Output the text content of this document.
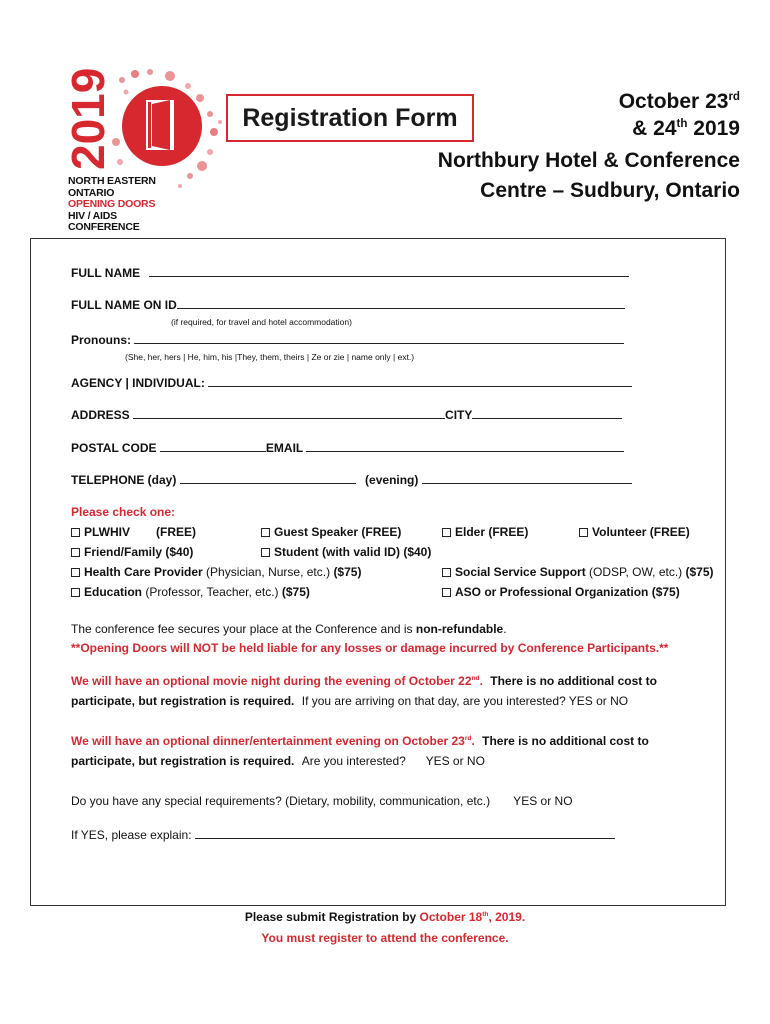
2019
NORTH EASTERN
ONTARIO
OPENING DOORS
HIV / AIDS
CONFERENCE
Registration Form
October 23rd
& 24th 2019
Northbury Hotel & Conference
Centre – Sudbury, Ontario
FULL NAME
FULL NAME ON ID
(if required, for travel and hotel accommodation)
Pronouns:
(She, her, hers | He, him, his |They, them, theirs | Ze or zie | name only | ext.)
AGENCY | INDIVIDUAL:
ADDRESS	CITY
POSTAL CODE	EMAIL
TELEPHONE (day)	(evening)
Please check one:
PLWHIV (FREE)	Guest Speaker (FREE)	Elder (FREE)	Volunteer (FREE)
Friend/Family ($40)	Student (with valid ID) ($40)
Health Care Provider (Physician, Nurse, etc.) ($75)	Social Service Support (ODSP, OW, etc.) ($75)
Education (Professor, Teacher, etc.) ($75)	ASO or Professional Organization ($75)
The conference fee secures your place at the Conference and is non-refundable.
**Opening Doors will NOT be held liable for any losses or damage incurred by Conference Participants.**
We will have an optional movie night during the evening of October 22nd. There is no additional cost to
participate, but registration is required. If you are arriving on that day, are you interested? YES or NO
We will have an optional dinner/entertainment evening on October 23rd. There is no additional cost to
participate, but registration is required. Are you interested?      YES or NO
Do you have any special requirements? (Dietary, mobility, communication, etc.)       YES or NO
If YES, please explain:
Please submit Registration by October 18th, 2019.
You must register to attend the conference.
